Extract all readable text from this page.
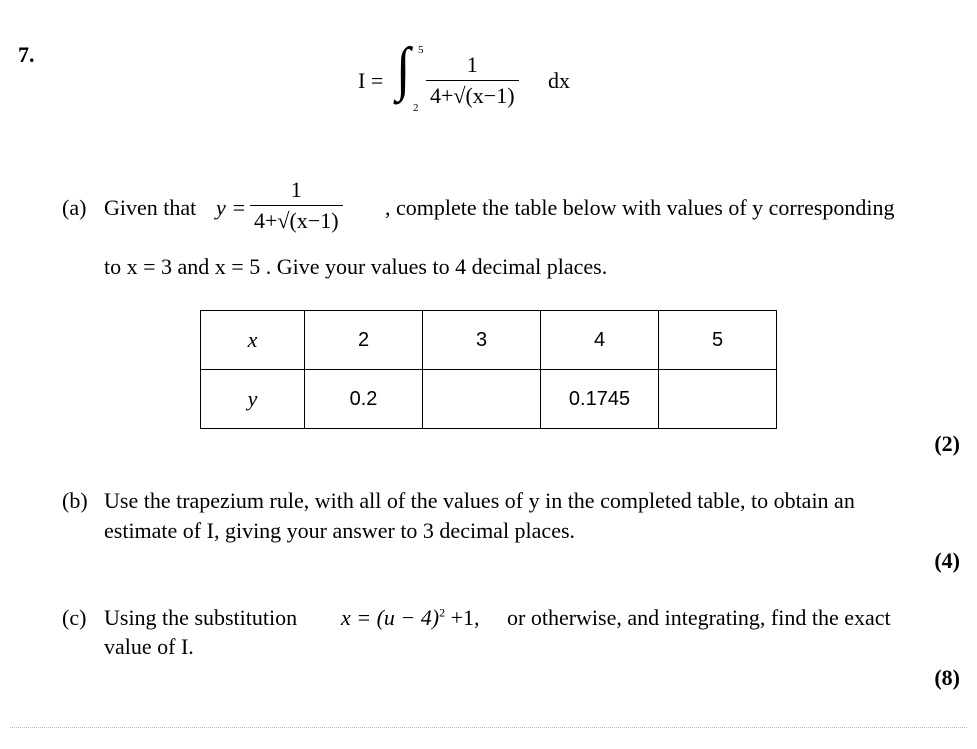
7.
I = ∫ 5
$2 \frac{1}{4+√(x-1)}$ dx
(a) Given that $y = \frac{1}{4+√(x-1)}$ , complete the table below with values of y corresponding
to x = 3 and x = 5 . Give your values to 4 decimal places.
x	2	3	4	5
y	0.2		0.1745	
(2)
(b) Use the trapezium rule, with all of the values of y in the completed table, to obtain an
estimate of I, giving your answer to 3 decimal places.
(4)
(c) Using the substitution $x = (u - 4)^2 +1$, or otherwise, and integrating, find the exact
value of I.
(8)
